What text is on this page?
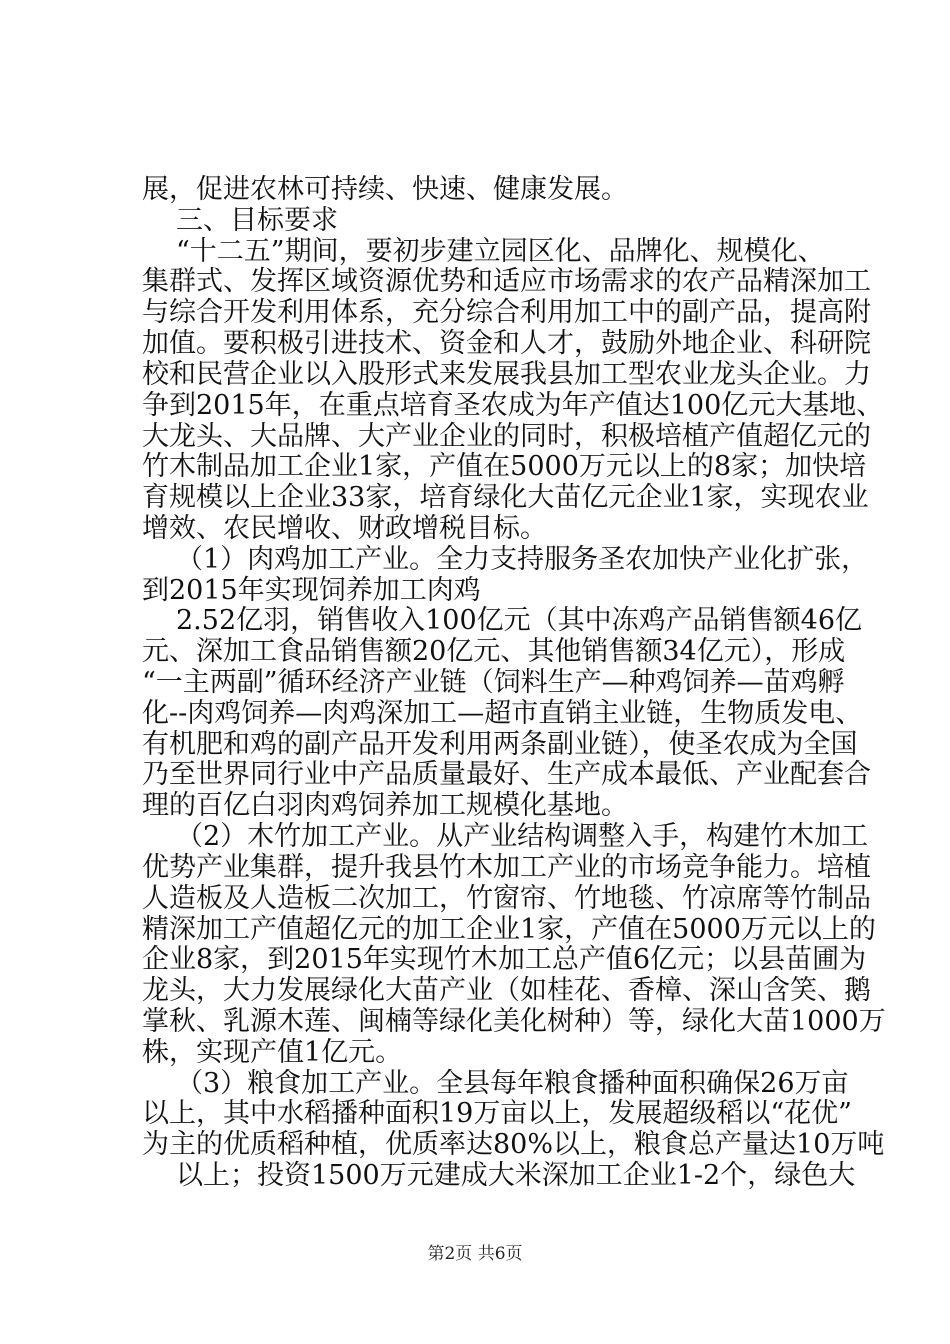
展，促进农林可持续、快速、健康发展。
三、目标要求
“十二五”期间，要初步建立园区化、品牌化、规模化、
集群式、发挥区域资源优势和适应市场需求的农产品精深加工
与综合开发利用体系，充分综合利用加工中的副产品，提高附
加值。要积极引进技术、资金和人才，鼓励外地企业、科研院
校和民营企业以入股形式来发展我县加工型农业龙头企业。力
争到2015年，在重点培育圣农成为年产值达100亿元大基地、
大龙头、大品牌、大产业企业的同时，积极培植产值超亿元的
竹木制品加工企业1家，产值在5000万元以上的8家；加快培
育规模以上企业33家，培育绿化大苗亿元企业1家，实现农业
增效、农民增收、财政增税目标。
（1）肉鸡加工产业。全力支持服务圣农加快产业化扩张，
到2015年实现饲养加工肉鸡
2.52亿羽，销售收入100亿元（其中冻鸡产品销售额46亿
元、深加工食品销售额20亿元、其他销售额34亿元），形成
“一主两副”循环经济产业链（饲料生产—种鸡饲养—苗鸡孵
化--肉鸡饲养—肉鸡深加工—超市直销主业链，生物质发电、
有机肥和鸡的副产品开发利用两条副业链），使圣农成为全国
乃至世界同行业中产品质量最好、生产成本最低、产业配套合
理的百亿白羽肉鸡饲养加工规模化基地。
（2）木竹加工产业。从产业结构调整入手，构建竹木加工
优势产业集群，提升我县竹木加工产业的市场竞争能力。培植
人造板及人造板二次加工，竹窗帘、竹地毯、竹凉席等竹制品
精深加工产值超亿元的加工企业1家，产值在5000万元以上的
企业8家，到2015年实现竹木加工总产值6亿元；以县苗圃为
龙头，大力发展绿化大苗产业（如桂花、香樟、深山含笑、鹅
掌秋、乳源木莲、闽楠等绿化美化树种）等，绿化大苗1000万
株，实现产值1亿元。
（3）粮食加工产业。全县每年粮食播种面积确保26万亩
以上，其中水稻播种面积19万亩以上，发展超级稻以“花优”
为主的优质稻种植，优质率达80%以上，粮食总产量达10万吨
以上；投资1500万元建成大米深加工企业1-2个，绿色大
第2页 共6页
